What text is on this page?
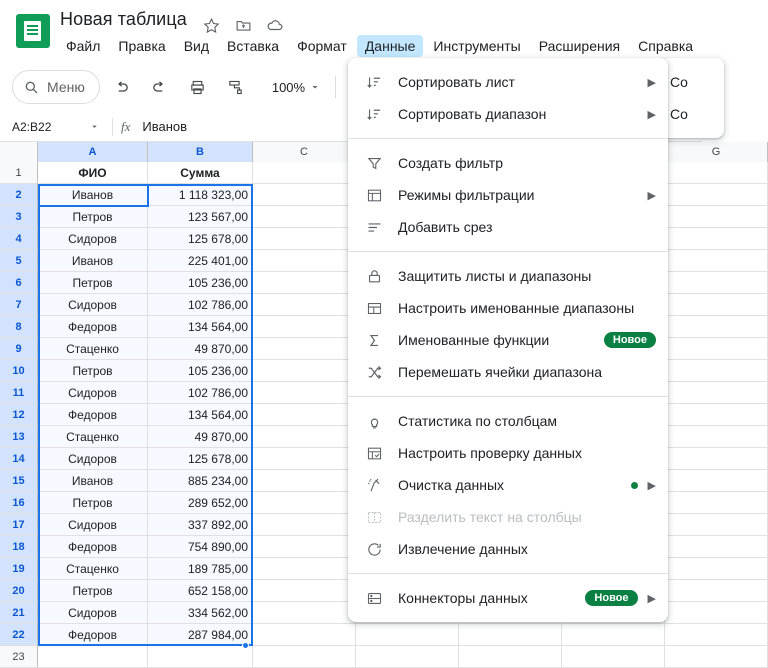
Новая таблица
Файл	Правка	Вид	Вставка	Формат	Данные	Инструменты	Расширения	Справка
Меню	100%
A2:B22	fx Иванов
A	B	C	G
1
2
3
4
5
6
7
8
9
10
11
12
13
14
15
16
17
18
19
20
21
22
23
ФИО	Сумма
Иванов	1 118 323,00
Петров	123 567,00
Сидоров	125 678,00
Иванов	225 401,00
Петров	105 236,00
Сидоров	102 786,00
Федоров	134 564,00
Стаценко	49 870,00
Петров	105 236,00
Сидоров	102 786,00
Федоров	134 564,00
Стаценко	49 870,00
Сидоров	125 678,00
Иванов	885 234,00
Петров	289 652,00
Сидоров	337 892,00
Федоров	754 890,00
Стаценко	189 785,00
Петров	652 158,00
Сидоров	334 562,00
Федоров	287 984,00
Со
Со
Сортировать лист	▶
Сортировать диапазон	▶
Создать фильтр
Режимы фильтрации	▶
Добавить срез
Защитить листы и диапазоны
Настроить именованные диапазоны
Именованные функции	Новое
Перемешать ячейки диапазона
Статистика по столбцам
Настроить проверку данных
Очистка данных	▶
Разделить текст на столбцы
Извлечение данных
Коннекторы данных	Новое	▶
